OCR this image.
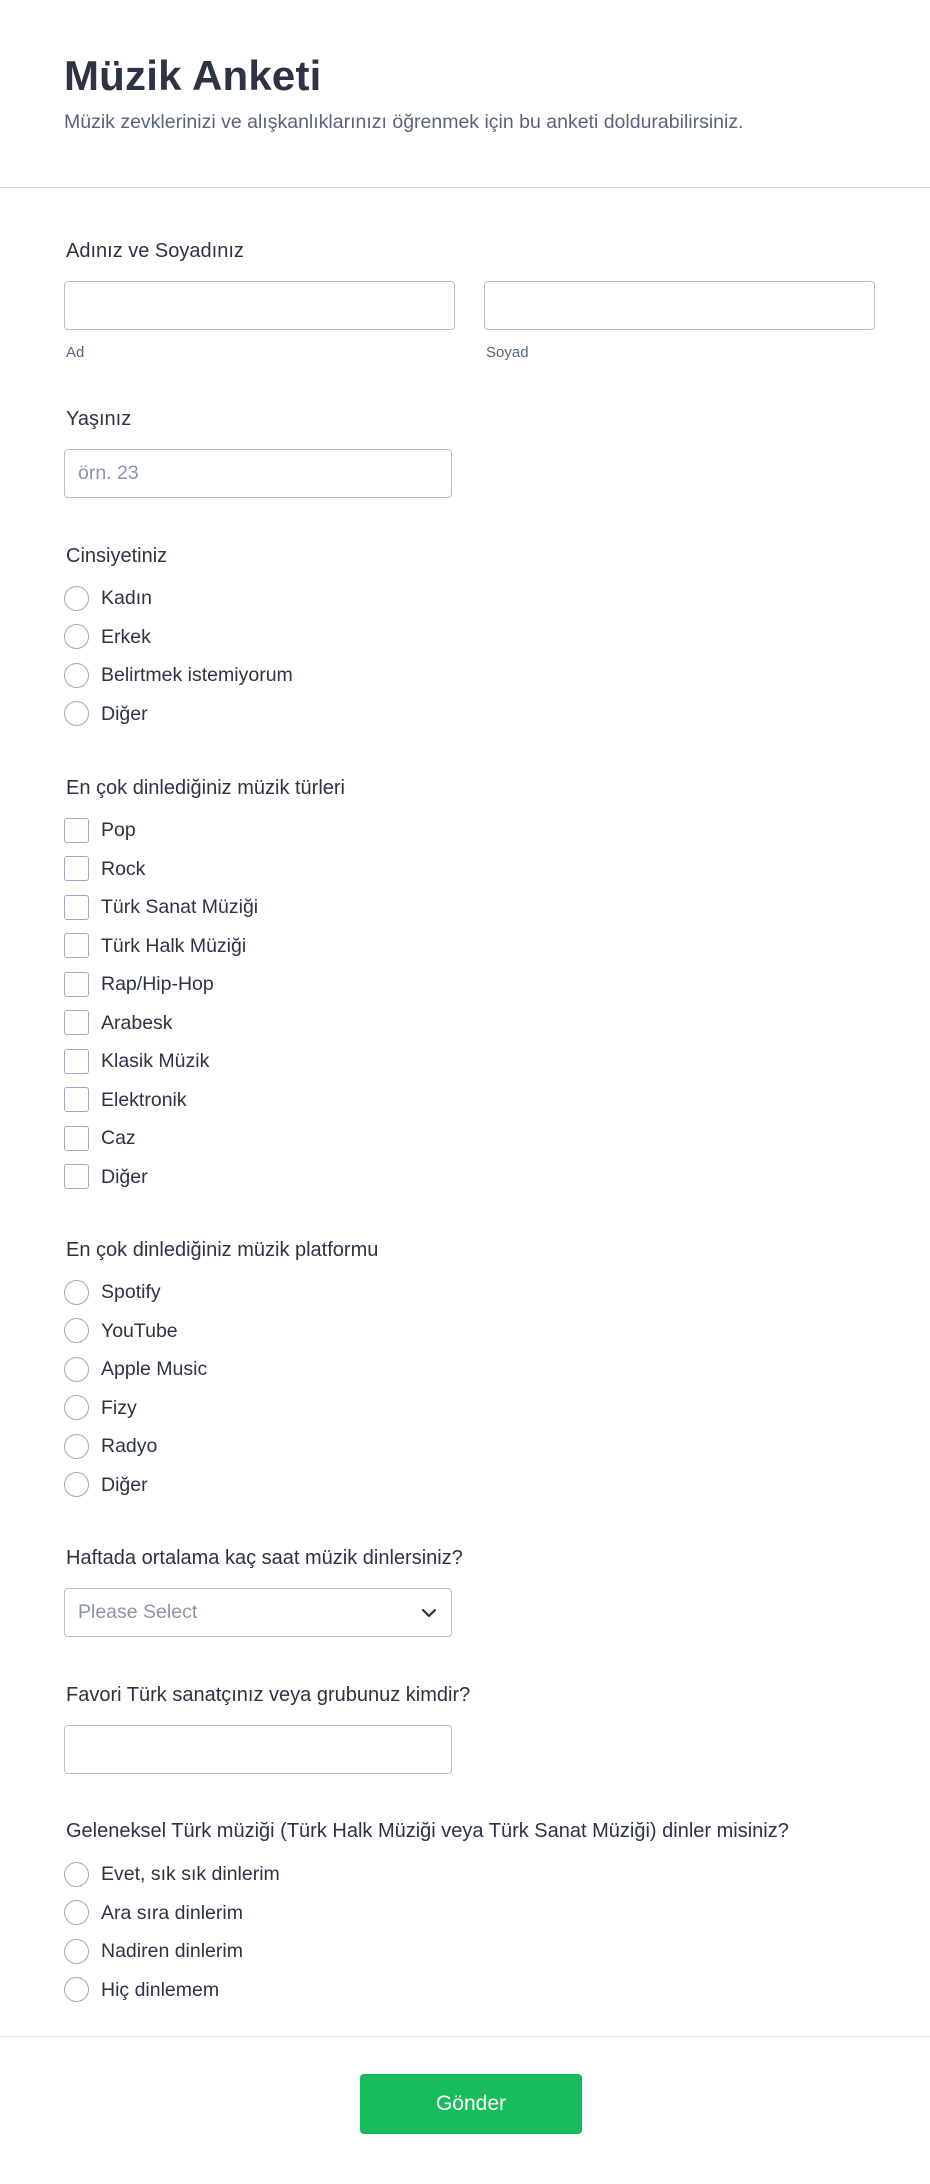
Müzik Anketi

Müzik zevklerinizi ve alışkanlıklarınızı öğrenmek için bu anketi doldurabilirsiniz.

Adınız ve Soyadınız
Ad	Soyad
Yaşınız
örn. 23
Cinsiyetiniz
Kadın
Erkek
Belirtmek istemiyorum
Diğer
En çok dinlediğiniz müzik türleri
Pop
Rock
Türk Sanat Müziği
Türk Halk Müziği
Rap/Hip-Hop
Arabesk
Klasik Müzik
Elektronik
Caz
Diğer
En çok dinlediğiniz müzik platformu
Spotify
YouTube
Apple Music
Fizy
Radyo
Diğer
Haftada ortalama kaç saat müzik dinlersiniz?
Please Select
Favori Türk sanatçınız veya grubunuz kimdir?
Geleneksel Türk müziği (Türk Halk Müziği veya Türk Sanat Müziği) dinler misiniz?
Evet, sık sık dinlerim
Ara sıra dinlerim
Nadiren dinlerim
Hiç dinlemem
Gönder
